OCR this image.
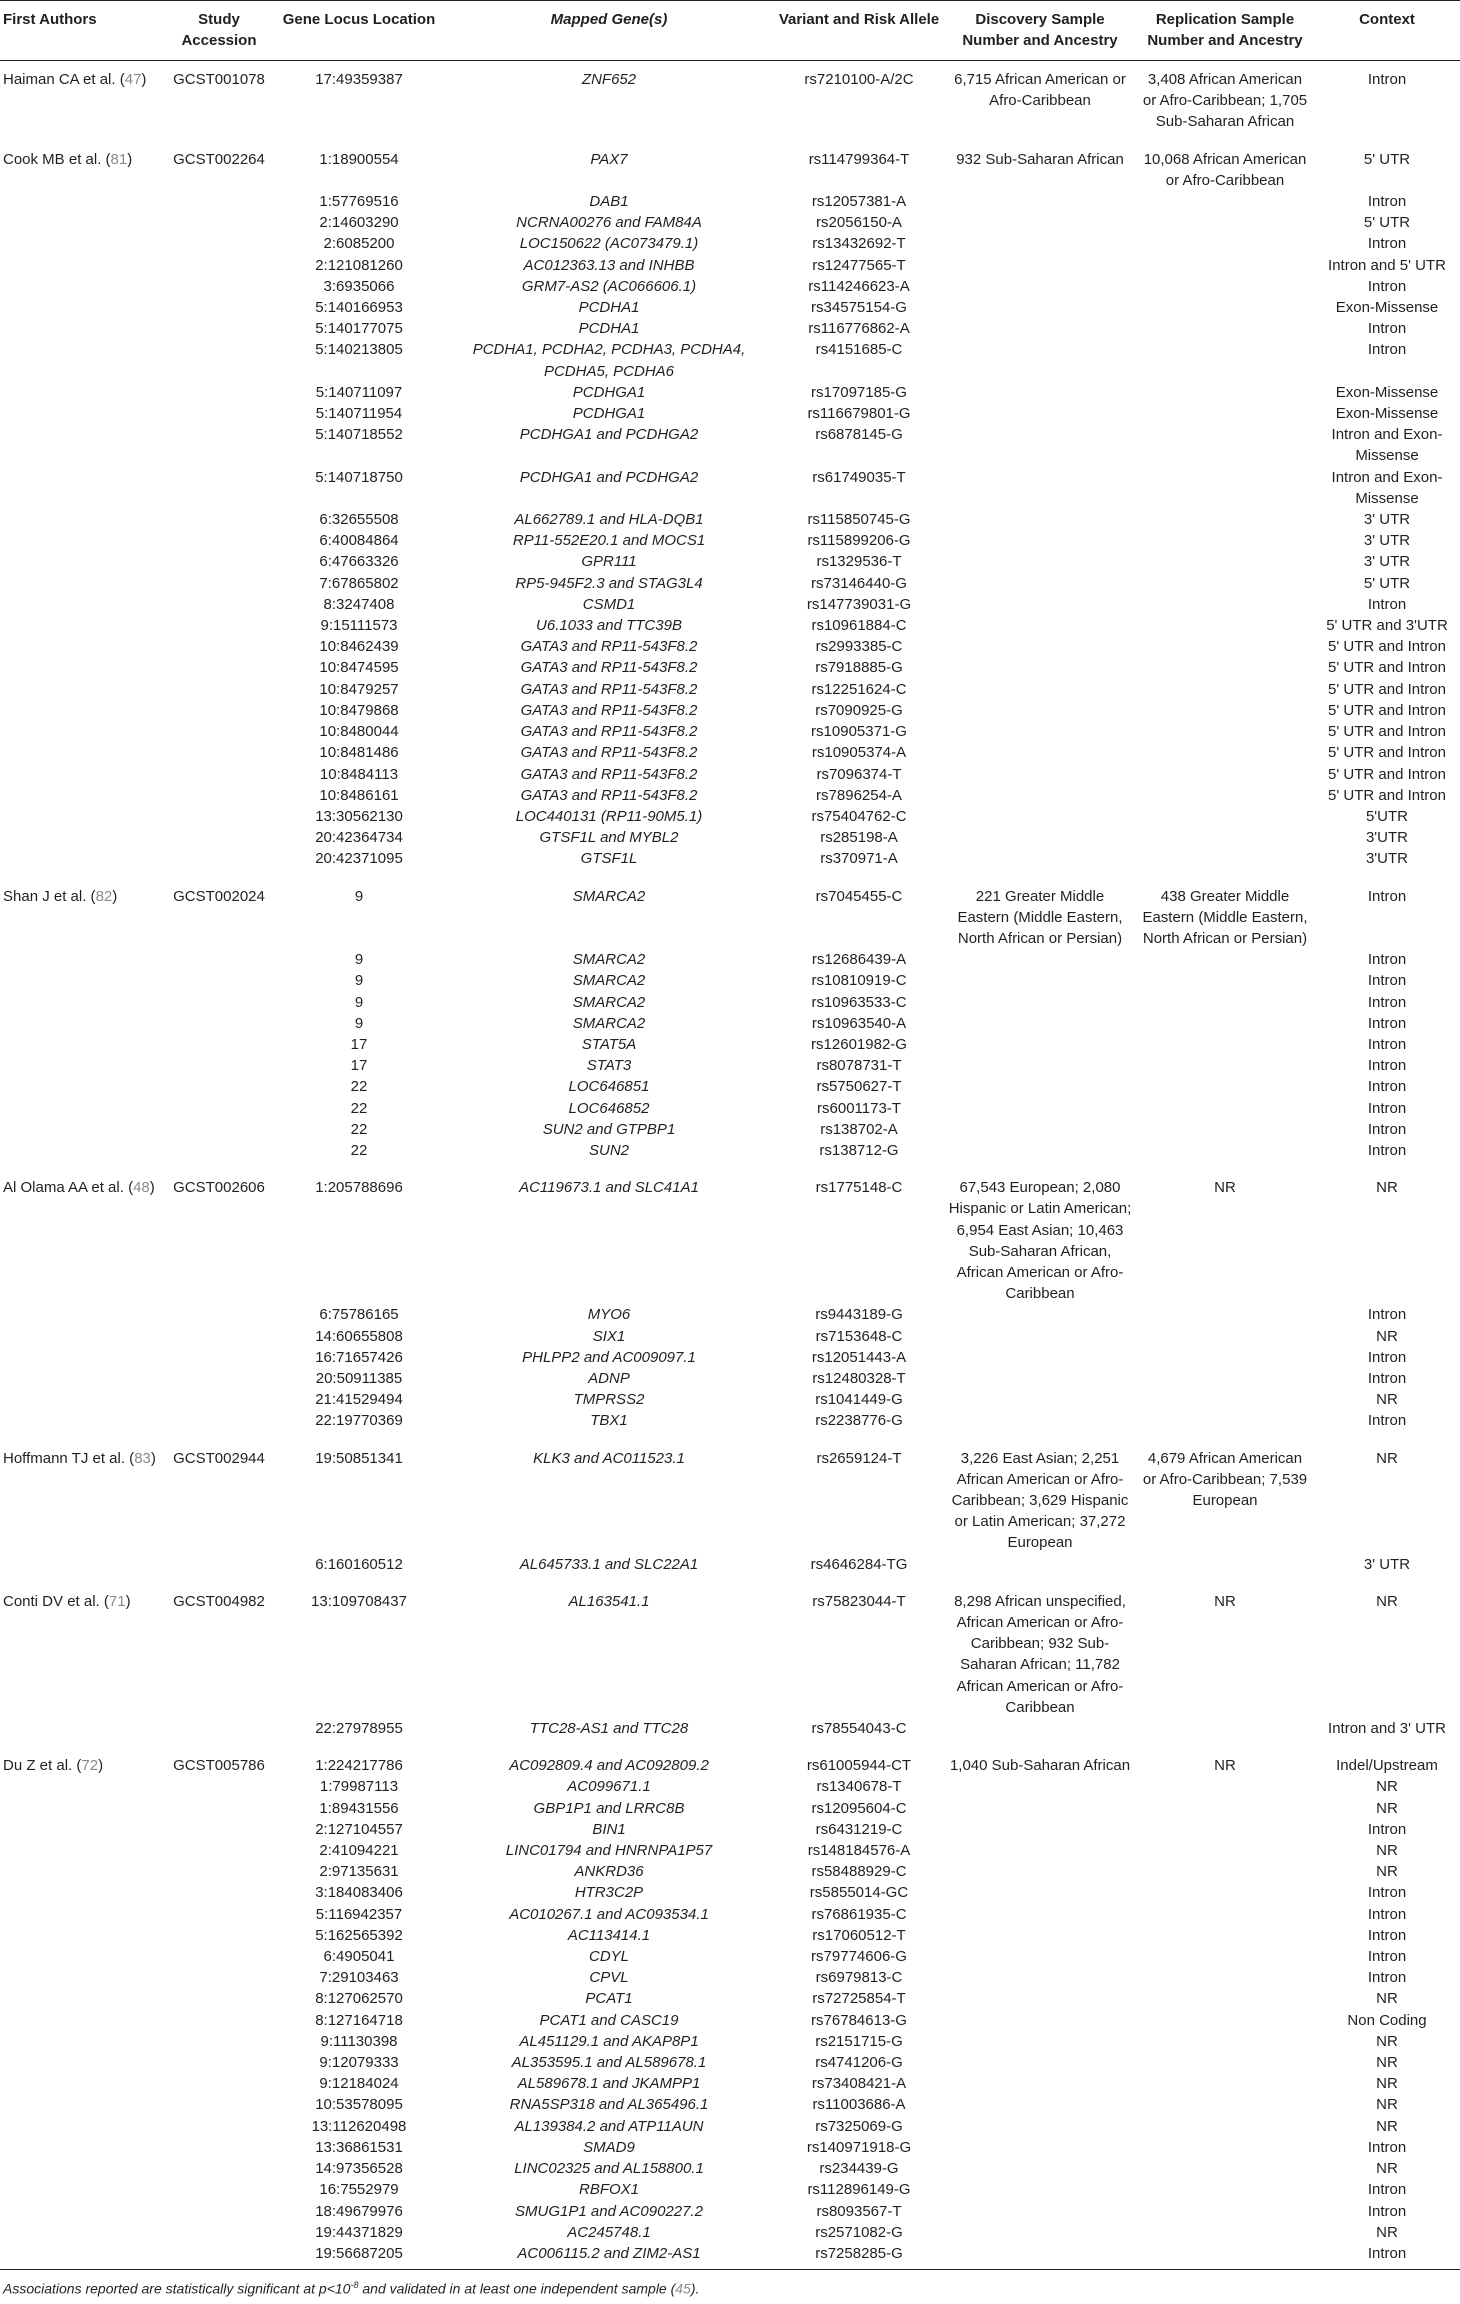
First Authors	Study Accession	Gene Locus Location	Mapped Gene(s)	Variant and Risk Allele	Discovery Sample Number and Ancestry	Replication Sample Number and Ancestry	Context
Haiman CA et al. (47)	GCST001078	17:49359387	ZNF652	rs7210100-A/2C	6,715 African American or Afro-Caribbean	3,408 African American or Afro-Caribbean; 1,705 Sub-Saharan African	Intron
Cook MB et al. (81)	GCST002264	1:18900554	PAX7	rs114799364-T	932 Sub-Saharan African	10,068 African American or Afro-Caribbean	5' UTR
		1:57769516	DAB1	rs12057381-A			Intron
		2:14603290	NCRNA00276 and FAM84A	rs2056150-A			5' UTR
		2:6085200	LOC150622 (AC073479.1)	rs13432692-T			Intron
		2:121081260	AC012363.13 and INHBB	rs12477565-T			Intron and 5' UTR
		3:6935066	GRM7-AS2 (AC066606.1)	rs114246623-A			Intron
		5:140166953	PCDHA1	rs34575154-G			Exon-Missense
		5:140177075	PCDHA1	rs116776862-A			Intron
		5:140213805	PCDHA1, PCDHA2, PCDHA3, PCDHA4, PCDHA5, PCDHA6	rs4151685-C			Intron
		5:140711097	PCDHGA1	rs17097185-G			Exon-Missense
		5:140711954	PCDHGA1	rs116679801-G			Exon-Missense
		5:140718552	PCDHGA1 and PCDHGA2	rs6878145-G			Intron and Exon-Missense
		5:140718750	PCDHGA1 and PCDHGA2	rs61749035-T			Intron and Exon-Missense
		6:32655508	AL662789.1 and HLA-DQB1	rs115850745-G			3' UTR
		6:40084864	RP11-552E20.1 and MOCS1	rs115899206-G			3' UTR
		6:47663326	GPR111	rs1329536-T			3' UTR
		7:67865802	RP5-945F2.3 and STAG3L4	rs73146440-G			5' UTR
		8:3247408	CSMD1	rs147739031-G			Intron
		9:15111573	U6.1033 and TTC39B	rs10961884-C			5' UTR and 3'UTR
		10:8462439	GATA3 and RP11-543F8.2	rs2993385-C			5' UTR and Intron
		10:8474595	GATA3 and RP11-543F8.2	rs7918885-G			5' UTR and Intron
		10:8479257	GATA3 and RP11-543F8.2	rs12251624-C			5' UTR and Intron
		10:8479868	GATA3 and RP11-543F8.2	rs7090925-G			5' UTR and Intron
		10:8480044	GATA3 and RP11-543F8.2	rs10905371-G			5' UTR and Intron
		10:8481486	GATA3 and RP11-543F8.2	rs10905374-A			5' UTR and Intron
		10:8484113	GATA3 and RP11-543F8.2	rs7096374-T			5' UTR and Intron
		10:8486161	GATA3 and RP11-543F8.2	rs7896254-A			5' UTR and Intron
		13:30562130	LOC440131 (RP11-90M5.1)	rs75404762-C			5'UTR
		20:42364734	GTSF1L and MYBL2	rs285198-A			3'UTR
		20:42371095	GTSF1L	rs370971-A			3'UTR
Shan J et al. (82)	GCST002024	9	SMARCA2	rs7045455-C	221 Greater Middle Eastern (Middle Eastern, North African or Persian)	438 Greater Middle Eastern (Middle Eastern, North African or Persian)	Intron
		9	SMARCA2	rs12686439-A			Intron
		9	SMARCA2	rs10810919-C			Intron
		9	SMARCA2	rs10963533-C			Intron
		9	SMARCA2	rs10963540-A			Intron
		17	STAT5A	rs12601982-G			Intron
		17	STAT3	rs8078731-T			Intron
		22	LOC646851	rs5750627-T			Intron
		22	LOC646852	rs6001173-T			Intron
		22	SUN2 and GTPBP1	rs138702-A			Intron
		22	SUN2	rs138712-G			Intron
Al Olama AA et al. (48)	GCST002606	1:205788696	AC119673.1 and SLC41A1	rs1775148-C	67,543 European; 2,080 Hispanic or Latin American; 6,954 East Asian; 10,463 Sub-Saharan African, African American or Afro-Caribbean	NR	NR
		6:75786165	MYO6	rs9443189-G			Intron
		14:60655808	SIX1	rs7153648-C			NR
		16:71657426	PHLPP2 and AC009097.1	rs12051443-A			Intron
		20:50911385	ADNP	rs12480328-T			Intron
		21:41529494	TMPRSS2	rs1041449-G			NR
		22:19770369	TBX1	rs2238776-G			Intron
Hoffmann TJ et al. (83)	GCST002944	19:50851341	KLK3 and AC011523.1	rs2659124-T	3,226 East Asian; 2,251 African American or Afro-Caribbean; 3,629 Hispanic or Latin American; 37,272 European	4,679 African American or Afro-Caribbean; 7,539 European	NR
		6:160160512	AL645733.1 and SLC22A1	rs4646284-TG			3' UTR
Conti DV et al. (71)	GCST004982	13:109708437	AL163541.1	rs75823044-T	8,298 African unspecified, African American or Afro-Caribbean; 932 Sub-Saharan African; 11,782 African American or Afro-Caribbean	NR	NR
		22:27978955	TTC28-AS1 and TTC28	rs78554043-C			Intron and 3' UTR
Du Z et al. (72)	GCST005786	1:224217786	AC092809.4 and AC092809.2	rs61005944-CT	1,040 Sub-Saharan African	NR	Indel/Upstream
		1:79987113	AC099671.1	rs1340678-T			NR
		1:89431556	GBP1P1 and LRRC8B	rs12095604-C			NR
		2:127104557	BIN1	rs6431219-C			Intron
		2:41094221	LINC01794 and HNRNPA1P57	rs148184576-A			NR
		2:97135631	ANKRD36	rs58488929-C			NR
		3:184083406	HTR3C2P	rs5855014-GC			Intron
		5:116942357	AC010267.1 and AC093534.1	rs76861935-C			Intron
		5:162565392	AC113414.1	rs17060512-T			Intron
		6:4905041	CDYL	rs79774606-G			Intron
		7:29103463	CPVL	rs6979813-C			Intron
		8:127062570	PCAT1	rs72725854-T			NR
		8:127164718	PCAT1 and CASC19	rs76784613-G			Non Coding
		9:11130398	AL451129.1 and AKAP8P1	rs2151715-G			NR
		9:12079333	AL353595.1 and AL589678.1	rs4741206-G			NR
		9:12184024	AL589678.1 and JKAMPP1	rs73408421-A			NR
		10:53578095	RNA5SP318 and AL365496.1	rs11003686-A			NR
		13:112620498	AL139384.2 and ATP11AUN	rs7325069-G			NR
		13:36861531	SMAD9	rs140971918-G			Intron
		14:97356528	LINC02325 and AL158800.1	rs234439-G			NR
		16:7552979	RBFOX1	rs112896149-G			Intron
		18:49679976	SMUG1P1 and AC090227.2	rs8093567-T			Intron
		19:44371829	AC245748.1	rs2571082-G			NR
		19:56687205	AC006115.2 and ZIM2-AS1	rs7258285-G			Intron
Associations reported are statistically significant at $p<10^{-8}$ and validated in at least one independent sample (45).
